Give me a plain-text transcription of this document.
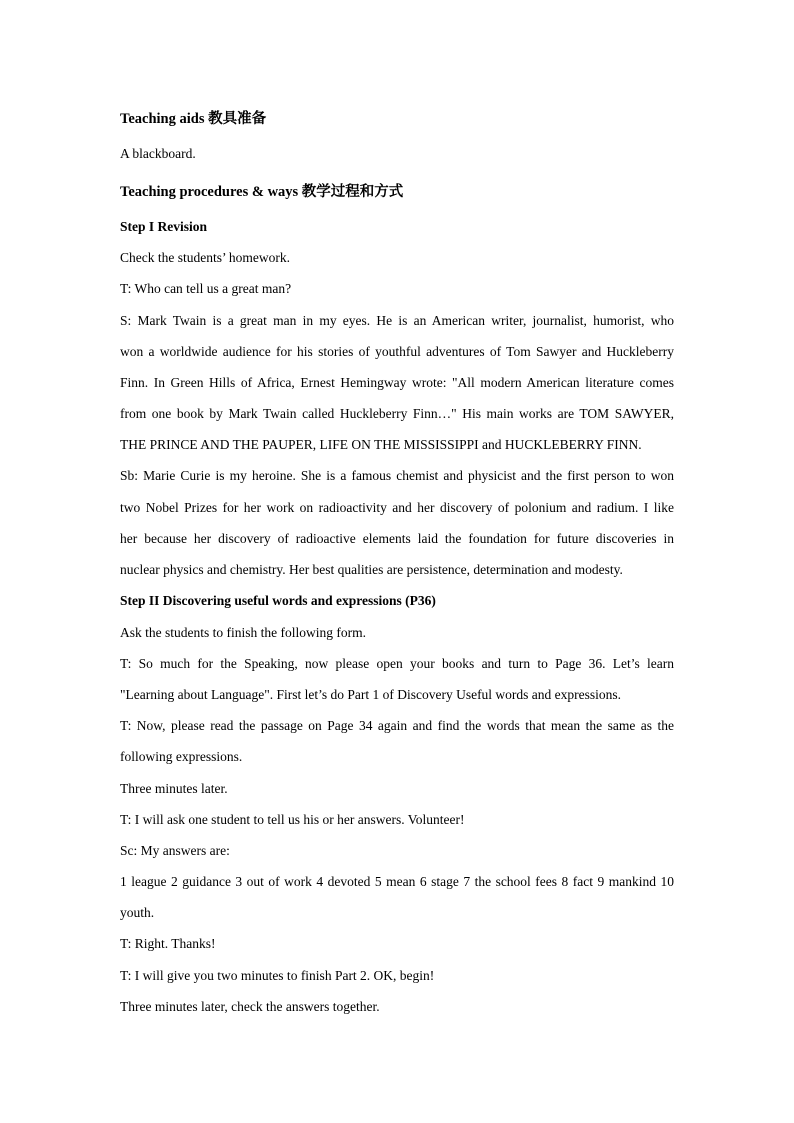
Teaching aids 教具准备

A blackboard.

Teaching procedures & ways 教学过程和方式

Step I Revision

Check the students’ homework.

T: Who can tell us a great man?

S: Mark Twain is a great man in my eyes. He is an American writer, journalist, humorist, who

won a worldwide audience for his stories of youthful adventures of Tom Sawyer and Huckleberry

Finn. In Green Hills of Africa, Ernest Hemingway wrote: "All modern American literature comes

from one book by Mark Twain called Huckleberry Finn…" His main works are TOM SAWYER,

THE PRINCE AND THE PAUPER, LIFE ON THE MISSISSIPPI and HUCKLEBERRY FINN.

Sb: Marie Curie is my heroine. She is a famous chemist and physicist and the first person to won

two Nobel Prizes for her work on radioactivity and her discovery of polonium and radium. I like

her because her discovery of radioactive elements laid the foundation for future discoveries in

nuclear physics and chemistry. Her best qualities are persistence, determination and modesty.

Step II Discovering useful words and expressions (P36)

Ask the students to finish the following form.

T: So much for the Speaking, now please open your books and turn to Page 36. Let’s learn

"Learning about Language". First let’s do Part 1 of Discovery Useful words and expressions.

T: Now, please read the passage on Page 34 again and find the words that mean the same as the

following expressions.

Three minutes later.

T: I will ask one student to tell us his or her answers. Volunteer!

Sc: My answers are:

1 league 2 guidance 3 out of work 4 devoted 5 mean 6 stage 7 the school fees 8 fact 9 mankind 10

youth.

T: Right. Thanks!

T: I will give you two minutes to finish Part 2. OK, begin!

Three minutes later, check the answers together.
